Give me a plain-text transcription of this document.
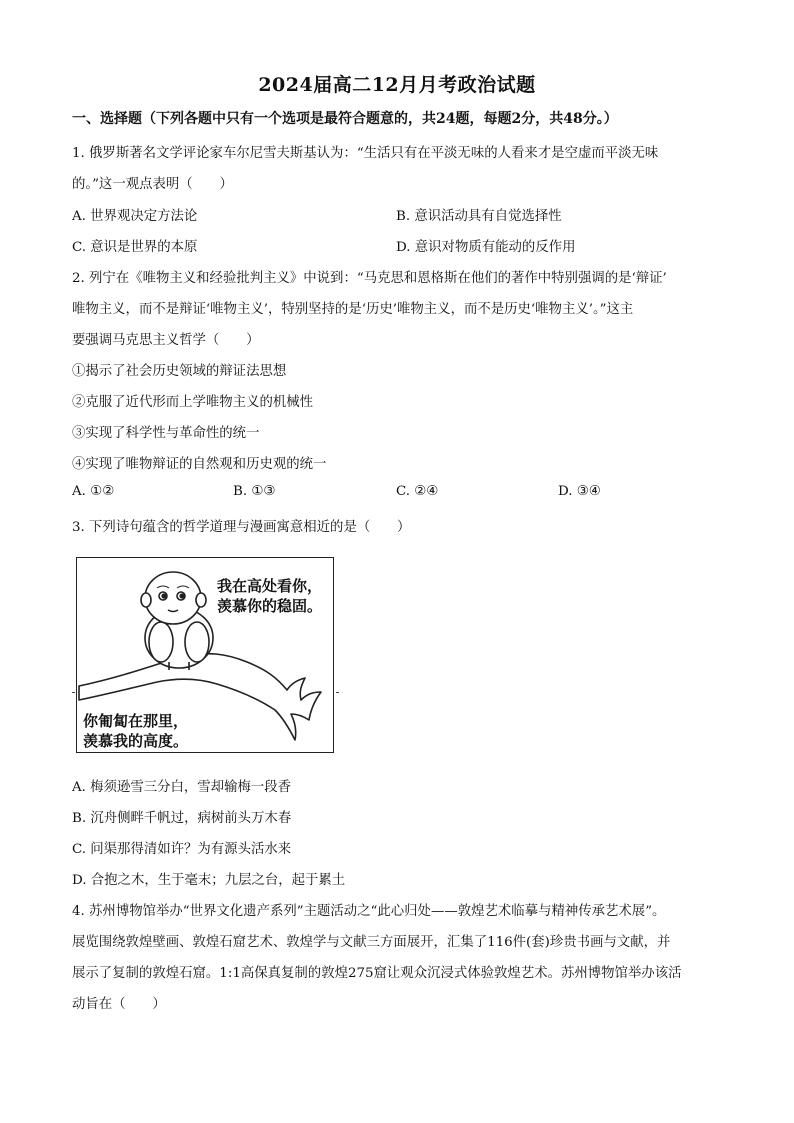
2024届高二12月月考政治试题
一、选择题（下列各题中只有一个选项是最符合题意的，共24题，每题2分，共48分。）
1. 俄罗斯著名文学评论家车尔尼雪夫斯基认为：“生活只有在平淡无味的人看来才是空虚而平淡无味
的。”这一观点表明（　　）
A. 世界观决定方法论	B. 意识活动具有自觉选择性
C. 意识是世界的本原	D. 意识对物质有能动的反作用
2. 列宁在《唯物主义和经验批判主义》中说到：“马克思和恩格斯在他们的著作中特别强调的是‘辩证’
唯物主义，而不是辩证‘唯物主义’，特别坚持的是‘历史’唯物主义，而不是历史‘唯物主义’。”这主
要强调马克思主义哲学（　　）
①揭示了社会历史领域的辩证法思想
②克服了近代形而上学唯物主义的机械性
③实现了科学性与革命性的统一
④实现了唯物辩证的自然观和历史观的统一
A. ①②	B. ①③	C. ②④	D. ③④
3. 下列诗句蕴含的哲学道理与漫画寓意相近的是（　　）
我在高处看你，
羡慕你的稳固。
你匍匐在那里，
羡慕我的高度。
A. 梅须逊雪三分白，雪却输梅一段香
B. 沉舟侧畔千帆过，病树前头万木春
C. 问渠那得清如许？为有源头活水来
D. 合抱之木，生于毫末；九层之台，起于累土
4. 苏州博物馆举办“世界文化遗产系列”主题活动之“此心归处——敦煌艺术临摹与精神传承艺术展”。
展览围绕敦煌壁画、敦煌石窟艺术、敦煌学与文献三方面展开，汇集了116件(套)珍贵书画与文献，并
展示了复制的敦煌石窟。1:1高保真复制的敦煌275窟让观众沉浸式体验敦煌艺术。苏州博物馆举办该活
动旨在（　　）
